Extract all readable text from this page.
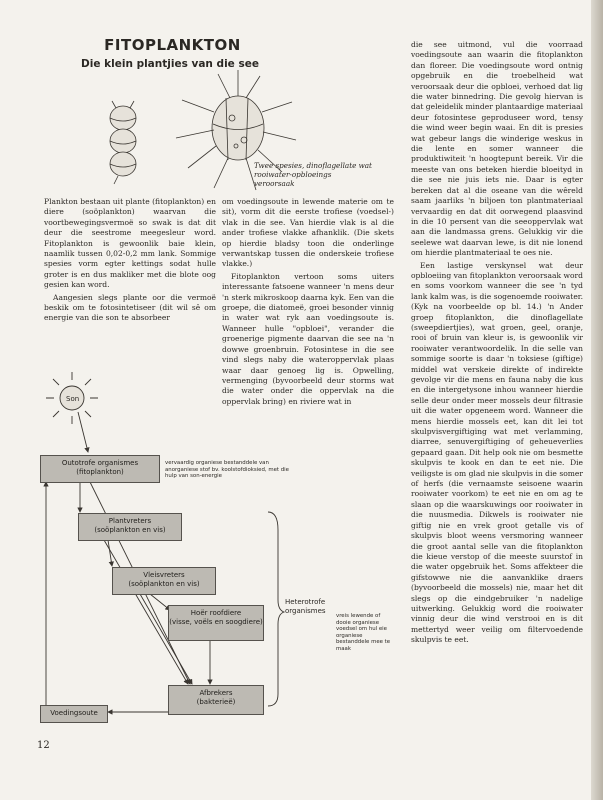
FITOPLANKTON
Die klein plantjies van die see

Twee spesies, dinoflagellate wat rooiwater-opbloeings veroorsaak

Plankton bestaan uit plante (fitoplankton) en diere (soöplankton) waarvan die voortbewegingsvermoë so swak is dat dit deur die seestrome meegesleur word. Fitoplankton is gewoonlik baie klein, naamlik tussen 0,02-0,2 mm lank. Sommige spesies vorm egter kettings sodat hulle groter is en dus makliker met die blote oog gesien kan word.

Aangesien slegs plante oor die vermoë beskik om te fotosintetiseer (dit wil sê om energie van die son te absorbeer

om voedingsoute in lewende materie om te sit), vorm dit die eerste trofiese (voedsel-) vlak in die see. Van hierdie vlak is al die ander trofiese vlakke afhanklik. (Die skets op hierdie bladsy toon die onderlinge verwantskap tussen die onderskeie trofiese vlakke.)

Fitoplankton vertoon soms uiters interessante fatsoene wanneer 'n mens deur 'n sterk mikroskoop daarna kyk. Een van die groepe, die diatomeë, groei besonder vinnig in water wat ryk aan voedingsoute is. Wanneer hulle "opbloei", verander die groenerige pigmente daarvan die see na 'n dowwe groenbruin. Fotosintese in die see vind slegs naby die wateroppervlak plaas waar daar genoeg lig is. Opwelling, vermenging (byvoorbeeld deur storms wat die water onder die oppervlak na die oppervlak bring) en riviere wat in

die see uitmond, vul die voorraad voedingsoute aan waarin die fitoplankton dan floreer. Die voedingsoute word ontnig opgebruik en die troebelheid wat veroorsaak deur die opbloei, verhoed dat lig die water binnedring. Die gevolg hiervan is dat geleidelik minder plantaardige materiaal deur fotosintese geproduseer word, tensy die wind weer begin waai. En dit is presies wat gebeur langs die winderige weskus in die lente en somer wanneer die produktiwiteit 'n hoogtepunt bereik. Vir die meeste van ons beteken hierdie bloeityd in die see nie juis iets nie. Daar is egter bereken dat al die oseane van die wêreld saam jaarliks 'n biljoen ton plantmateriaal vervaardig en dat dit oorwegend plaasvind in die 10 persent van die seeoppervlak wat aan die landmassa grens. Gelukkig vir die seelewe wat daarvan lewe, is dit nie lonend om hierdie plantmateriaal te oes nie.

Een lastige verskynsel wat deur opbloeiing van fitoplankton veroorsaak word en soms voorkom wanneer die see 'n tyd lank kalm was, is die sogenoemde rooiwater. (Kyk na voorbeelde op bl. 14.) 'n Ander groep fitoplankton, die dinoflagellate (sweepdiertjies), wat groen, geel, oranje, rooi of bruin van kleur is, is gewoonlik vir rooiwater verantwoordelik. In die selle van sommige soorte is daar 'n toksiese (giftige) middel wat verskeie direkte of indirekte gevolge vir die mens en fauna naby die kus en die intergetysone inhou wanneer hierdie selle deur onder meer mossels deur filtrasie uit die water opgeneem word. Wanneer die mens hierdie mossels eet, kan dit lei tot skulpvisvergiftiging wat met verlamming, diarree, senuvergiftiging of geheueverlies gepaard gaan. Dit help ook nie om besmette skulpvis te kook en dan te eet nie. Die veiligste is om glad nie skulpvis in die somer of herfs (die vernaamste seisoene waarin rooiwater voorkom) te eet nie en om ag te slaan op die waarskuwings oor rooiwater in die nuusmedia. Dikwels is rooiwater nie giftig nie en vrek groot getalle vis of skulpvis bloot weens versmoring wanneer die groot aantal selle van die fitoplankton die kieue verstop of die meeste suurstof in die water opgebruik het. Soms affekteer die gifstowwe nie die aanvanklike draers (byvoorbeeld die mossels) nie, maar het dit slegs op die eindgebruiker 'n nadelige uitwerking. Gelukkig word die rooiwater vinnig deur die wind verstrooi en is dit mettertyd weer veilig om filtervoedende skulpvis te eet.

Son

Outotrofe organismes
(fitoplankton)

vervaardig organiese bestanddele van anorganiese stof bv. koolstofdioksied, met die hulp van son-energie

Plantvreters
(soöplankton en vis)
Vleisvreters
(soöplankton en vis)
Hoër roofdiere
(visse, voëls en soogdiere)
Afbrekers
(bakterieë)
Voedingsoute

Heterotrofe organismes

vreis lewende of dooie organiese voedsel om hul eie organiese bestanddele mee te maak

12
